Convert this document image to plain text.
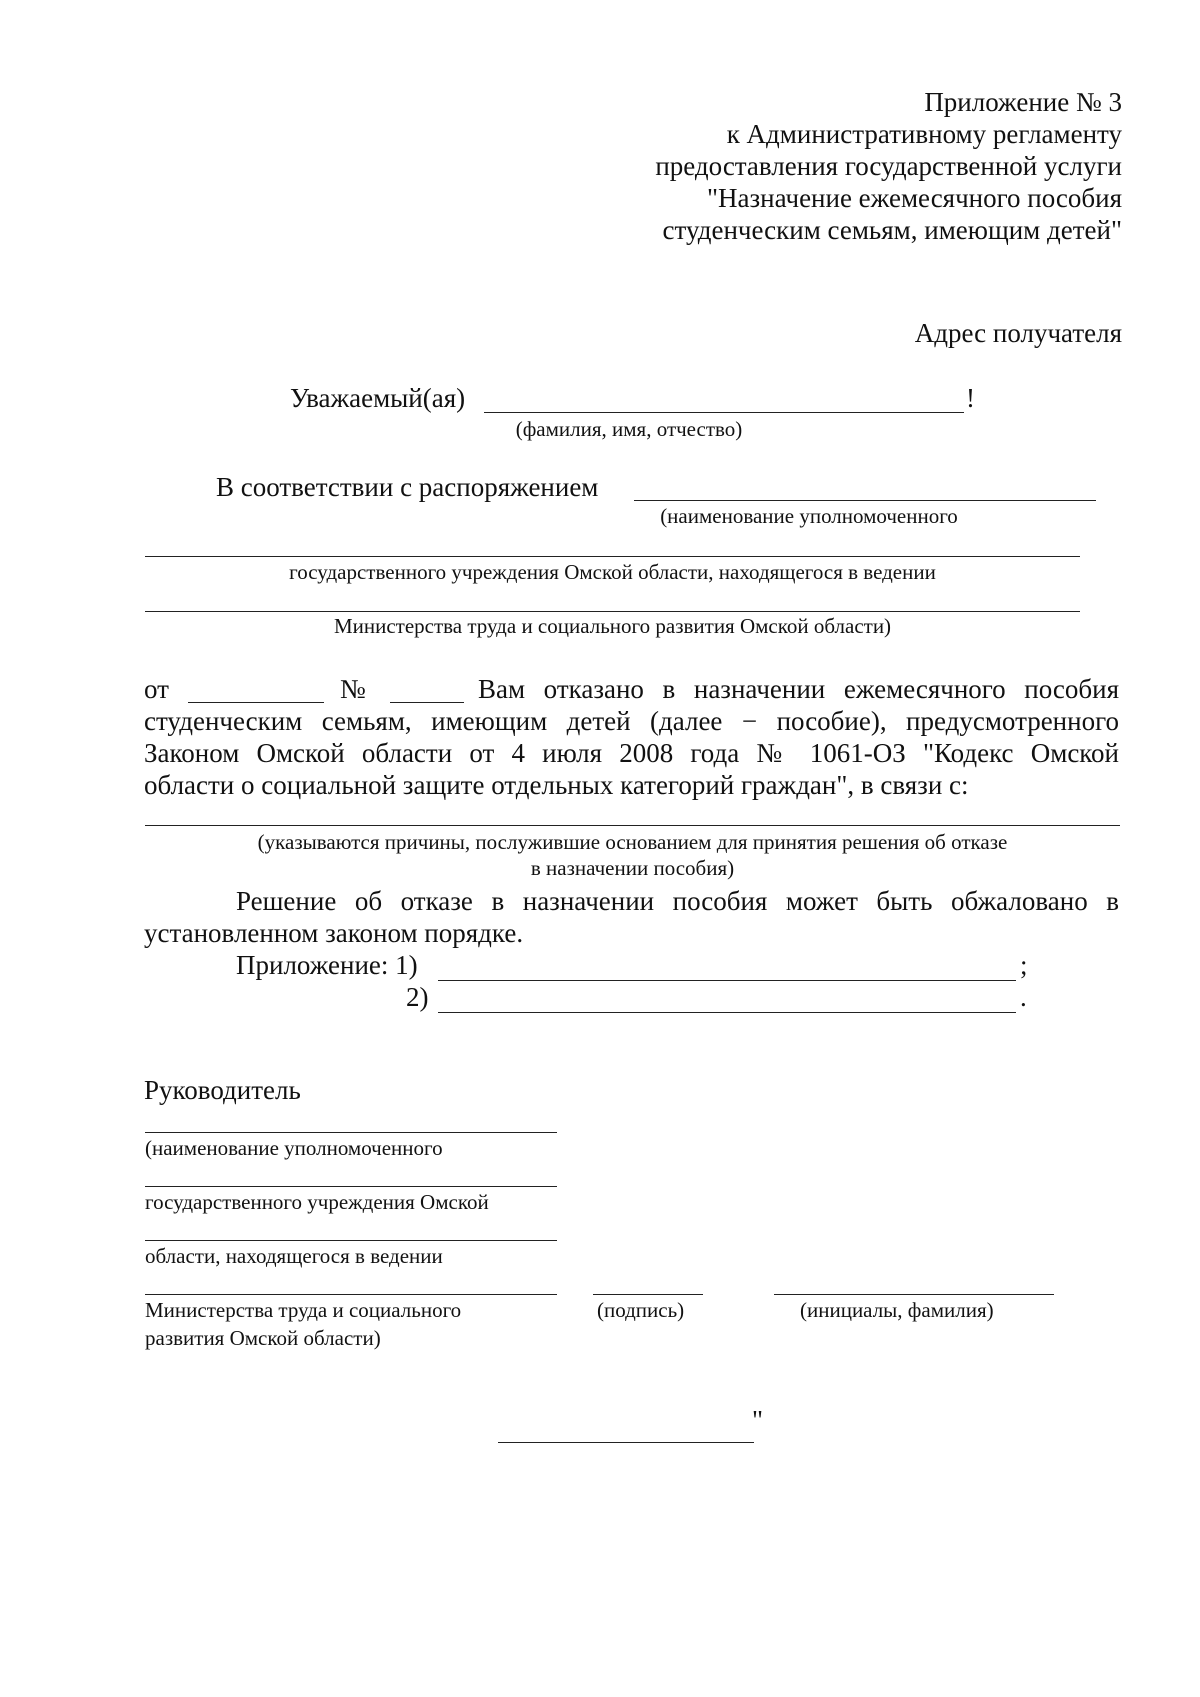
Приложение № 3
к Административному регламенту
предоставления государственной услуги
"Назначение ежемесячного пособия
студенческим семьям, имеющим детей"
Адрес получателя
Уважаемый(ая)	!
(фамилия, имя, отчество)
В соответствии с распоряжением
(наименование уполномоченного
государственного учреждения Омской области, находящегося в ведении
Министерства труда и социального развития Омской области)
от	№	Вам отказано в назначении ежемесячного пособия
студенческим семьям, имеющим детей (далее − пособие), предусмотренного
Законом Омской области от 4 июля 2008 года № 1061-ОЗ "Кодекс Омской
области о социальной защите отдельных категорий граждан", в связи с:
(указываются причины, послужившие основанием для принятия решения об отказе
в назначении пособия)
Решение об отказе в назначении пособия может быть обжаловано в
установленном законом порядке.
Приложение: 1)	;
2)	.
Руководитель
(наименование уполномоченного
государственного учреждения Омской
области, находящегося в ведении
Министерства труда и социального
развития Омской области)
(подпись)	(инициалы, фамилия)
"
